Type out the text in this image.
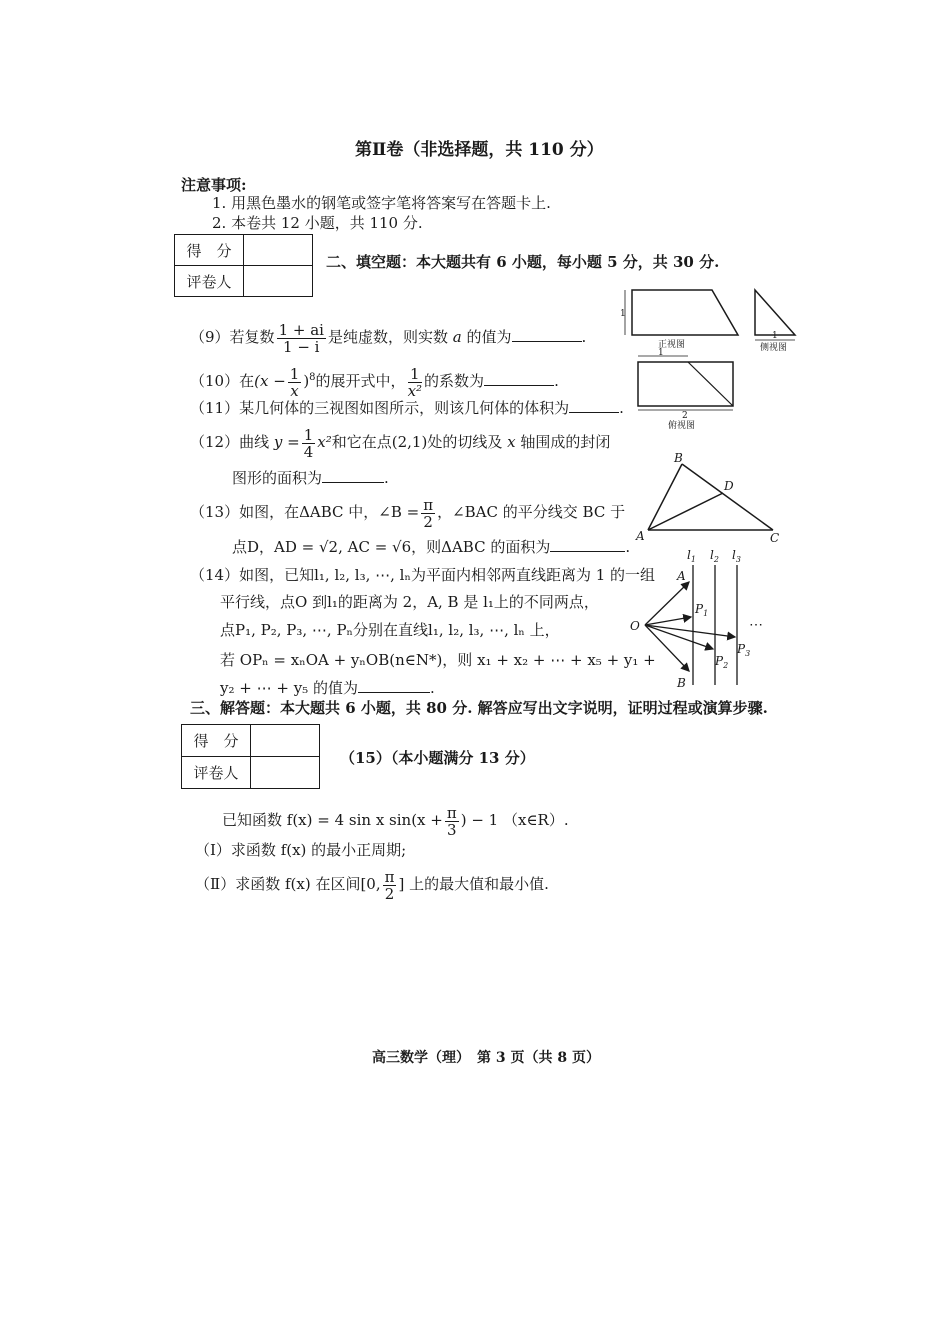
第Ⅱ卷（非选择题，共 110 分）
注意事项:
1. 用黑色墨水的钢笔或签字笔将答案写在答题卡上.
2. 本卷共 12 小题，共 110 分.
得　分	
评卷人	
二、填空题：本大题共有 6 小题，每小题 5 分，共 30 分.
（9）若复数 $\frac{1 + ai}{1 - i}$ 是纯虚数，则实数 a 的值为	.
（10）在$(x - \frac{1}{x} )^8$的展开式中， $\frac{1}{\text{x²}}$ 的系数为	.
（11）某几何体的三视图如图所示，则该几何体的体积为	.
（12）曲线 $y = \frac{1}{4} x^2$和它在点(2,1)处的切线及 x 轴围成的封闭
图形的面积为	.
（13）如图，在ΔABC 中，∠B = $\frac{\pi}{2}$ ，∠BAC 的平分线交 BC 于
点D，AD = √2, AC = √6，则ΔABC 的面积为	.
（14）如图，已知l₁, l₂, l₃, ⋯, lₙ为平面内相邻两直线距离为 1 的一组
平行线，点O 到l₁的距离为 2，A, B 是 l₁上的不同两点，
点P₁, P₂, P₃, ⋯, Pₙ分别在直线l₁, l₂, l₃, ⋯, lₙ 上，
若 OPₙ = xₙOA + yₙOB(n∈N*)，则 x₁ + x₂ + ⋯ + x₅ + y₁ +
y₂ + ⋯ + y₅ 的值为	.
三、解答题：本大题共 6 小题，共 80 分. 解答应写出文字说明，证明过程或演算步骤.
得　分	
评卷人	
（15）（本小题满分 13 分）
已知函数 f(x) = 4 sin x $\sin(x + \frac{\pi}{3}$ ) − 1 （x∈R）.
（Ⅰ）求函数 f(x) 的最小正周期;
（Ⅱ）求函数 f(x) 在区间[0, $\frac{\pi}{2}$ ] 上的最大值和最小值.
1
正视图
1
侧视图
1
2
俯视图
A
B
C
D
$l_1$ $l_2$ $l_3$
O
A
B
$P_1$
$P_2$
$P_3$
⋯
高三数学（理）　第 3 页（共 8 页）
